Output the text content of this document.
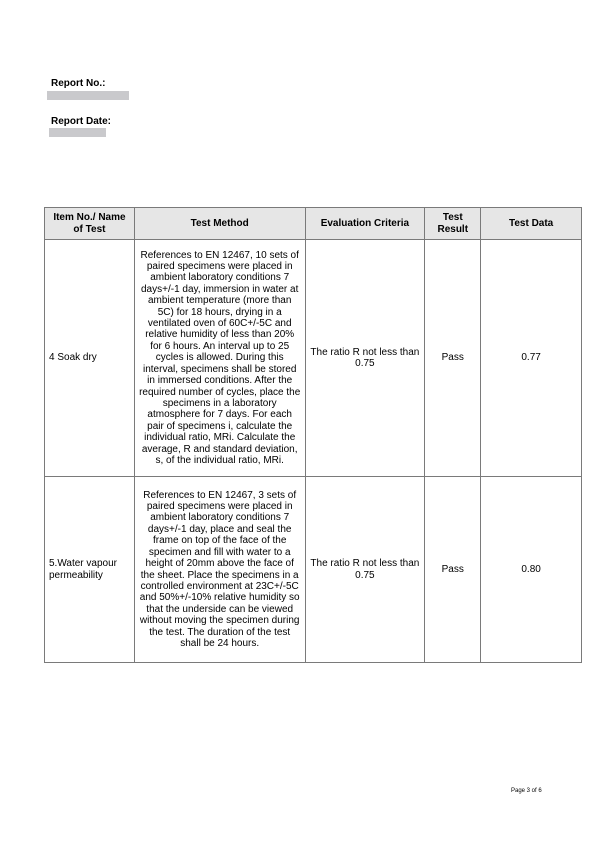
Report No.:
Report Date:
Item No./ Name of Test	Test Method	Evaluation Criteria	Test Result	Test Data
4 Soak dry	References to EN 12467, 10 sets of paired specimens were placed in ambient laboratory conditions 7 days+/-1 day, immersion in water at ambient temperature (more than 5C) for 18 hours, drying in a ventilated oven of 60C+/-5C and relative humidity of less than 20% for 6 hours. An interval up to 25 cycles is allowed. During this interval, specimens shall be stored in immersed conditions. After the required number of cycles, place the specimens in a laboratory atmosphere for 7 days. For each pair of specimens i, calculate the individual ratio, MRi. Calculate the average, R and standard deviation, s, of the individual ratio, MRi.	The ratio R not less than 0.75	Pass	0.77
5.Water vapour permeability	References to EN 12467, 3 sets of paired specimens were placed in ambient laboratory conditions 7 days+/-1 day, place and seal the frame on top of the face of the specimen and fill with water to a height of 20mm above the face of the sheet. Place the specimens in a controlled environment at 23C+/-5C and 50%+/-10% relative humidity so that the underside can be viewed without moving the specimen during the test. The duration of the test shall be 24 hours.	The ratio R not less than 0.75	Pass	0.80
Page 3 of 6
